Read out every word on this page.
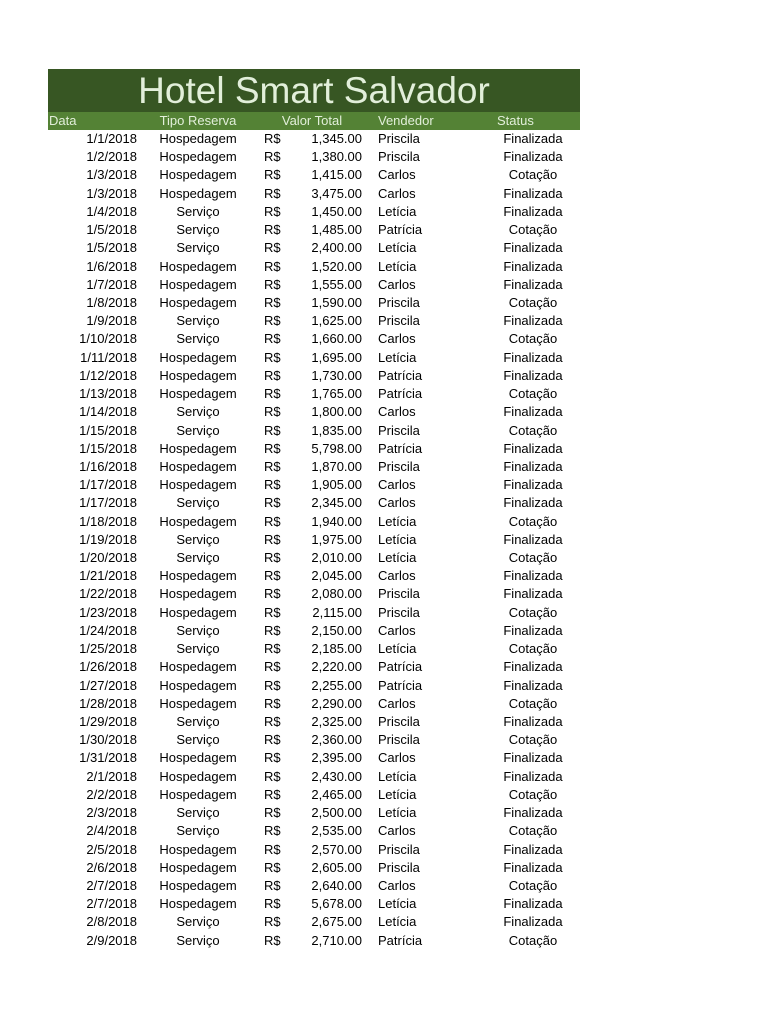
Hotel Smart Salvador
Data	Tipo Reserva	Valor Total	Vendedor	Status
1/1/2018	Hospedagem	R$	1,345.00 Priscila	Finalizada
1/2/2018	Hospedagem	R$	1,380.00 Priscila	Finalizada
1/3/2018	Hospedagem	R$	1,415.00 Carlos	Cotação
1/3/2018	Hospedagem	R$	3,475.00 Carlos	Finalizada
1/4/2018	Serviço	R$	1,450.00 Letícia	Finalizada
1/5/2018	Serviço	R$	1,485.00 Patrícia	Cotação
1/5/2018	Serviço	R$	2,400.00 Letícia	Finalizada
1/6/2018	Hospedagem	R$	1,520.00 Letícia	Finalizada
1/7/2018	Hospedagem	R$	1,555.00 Carlos	Finalizada
1/8/2018	Hospedagem	R$	1,590.00 Priscila	Cotação
1/9/2018	Serviço	R$	1,625.00 Priscila	Finalizada
1/10/2018	Serviço	R$	1,660.00 Carlos	Cotação
1/11/2018	Hospedagem	R$	1,695.00 Letícia	Finalizada
1/12/2018	Hospedagem	R$	1,730.00 Patrícia	Finalizada
1/13/2018	Hospedagem	R$	1,765.00 Patrícia	Cotação
1/14/2018	Serviço	R$	1,800.00 Carlos	Finalizada
1/15/2018	Serviço	R$	1,835.00 Priscila	Cotação
1/15/2018	Hospedagem	R$	5,798.00 Patrícia	Finalizada
1/16/2018	Hospedagem	R$	1,870.00 Priscila	Finalizada
1/17/2018	Hospedagem	R$	1,905.00 Carlos	Finalizada
1/17/2018	Serviço	R$	2,345.00 Carlos	Finalizada
1/18/2018	Hospedagem	R$	1,940.00 Letícia	Cotação
1/19/2018	Serviço	R$	1,975.00 Letícia	Finalizada
1/20/2018	Serviço	R$	2,010.00 Letícia	Cotação
1/21/2018	Hospedagem	R$	2,045.00 Carlos	Finalizada
1/22/2018	Hospedagem	R$	2,080.00 Priscila	Finalizada
1/23/2018	Hospedagem	R$	2,115.00 Priscila	Cotação
1/24/2018	Serviço	R$	2,150.00 Carlos	Finalizada
1/25/2018	Serviço	R$	2,185.00 Letícia	Cotação
1/26/2018	Hospedagem	R$	2,220.00 Patrícia	Finalizada
1/27/2018	Hospedagem	R$	2,255.00 Patrícia	Finalizada
1/28/2018	Hospedagem	R$	2,290.00 Carlos	Cotação
1/29/2018	Serviço	R$	2,325.00 Priscila	Finalizada
1/30/2018	Serviço	R$	2,360.00 Priscila	Cotação
1/31/2018	Hospedagem	R$	2,395.00 Carlos	Finalizada
2/1/2018	Hospedagem	R$	2,430.00 Letícia	Finalizada
2/2/2018	Hospedagem	R$	2,465.00 Letícia	Cotação
2/3/2018	Serviço	R$	2,500.00 Letícia	Finalizada
2/4/2018	Serviço	R$	2,535.00 Carlos	Cotação
2/5/2018	Hospedagem	R$	2,570.00 Priscila	Finalizada
2/6/2018	Hospedagem	R$	2,605.00 Priscila	Finalizada
2/7/2018	Hospedagem	R$	2,640.00 Carlos	Cotação
2/7/2018	Hospedagem	R$	5,678.00 Letícia	Finalizada
2/8/2018	Serviço	R$	2,675.00 Letícia	Finalizada
2/9/2018	Serviço	R$	2,710.00 Patrícia	Cotação
